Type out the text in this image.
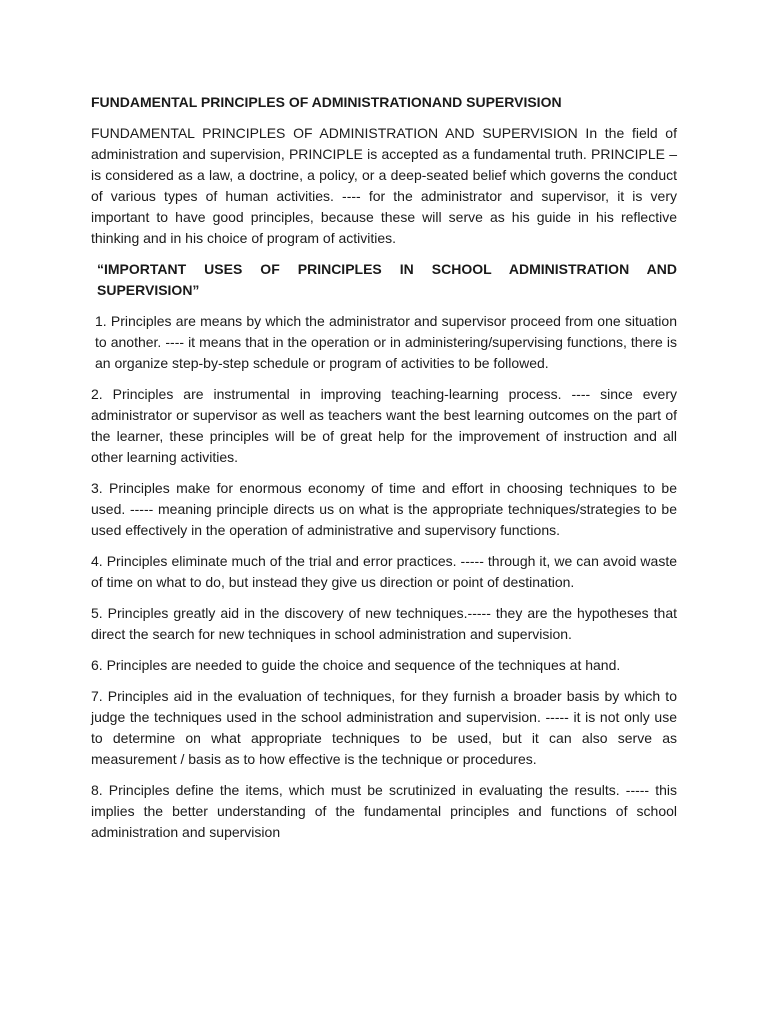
FUNDAMENTAL PRINCIPLES OF ADMINISTRATIONAND SUPERVISION

FUNDAMENTAL PRINCIPLES OF ADMINISTRATION AND SUPERVISION In the field of administration and supervision, PRINCIPLE is accepted as a fundamental truth. PRINCIPLE – is considered as a law, a doctrine, a policy, or a deep-seated belief which governs the conduct of various types of human activities. ---- for the administrator and supervisor, it is very important to have good principles, because these will serve as his guide in his reflective thinking and in his choice of program of activities.

“IMPORTANT USES OF PRINCIPLES IN SCHOOL ADMINISTRATION AND SUPERVISION”

1. Principles are means by which the administrator and supervisor proceed from one situation to another. ---- it means that in the operation or in administering/supervising functions, there is an organize step-by-step schedule or program of activities to be followed.

2. Principles are instrumental in improving teaching-learning process. ---- since every administrator or supervisor as well as teachers want the best learning outcomes on the part of the learner, these principles will be of great help for the improvement of instruction and all other learning activities.

3. Principles make for enormous economy of time and effort in choosing techniques to be used. ----- meaning principle directs us on what is the appropriate techniques/strategies to be used effectively in the operation of administrative and supervisory functions.

4. Principles eliminate much of the trial and error practices. ----- through it, we can avoid waste of time on what to do, but instead they give us direction or point of destination.

5. Principles greatly aid in the discovery of new techniques.----- they are the hypotheses that direct the search for new techniques in school administration and supervision.

6. Principles are needed to guide the choice and sequence of the techniques at hand.

7. Principles aid in the evaluation of techniques, for they furnish a broader basis by which to judge the techniques used in the school administration and supervision. ----- it is not only use to determine on what appropriate techniques to be used, but it can also serve as measurement / basis as to how effective is the technique or procedures.

8. Principles define the items, which must be scrutinized in evaluating the results. ----- this implies the better understanding of the fundamental principles and functions of school administration and supervision
